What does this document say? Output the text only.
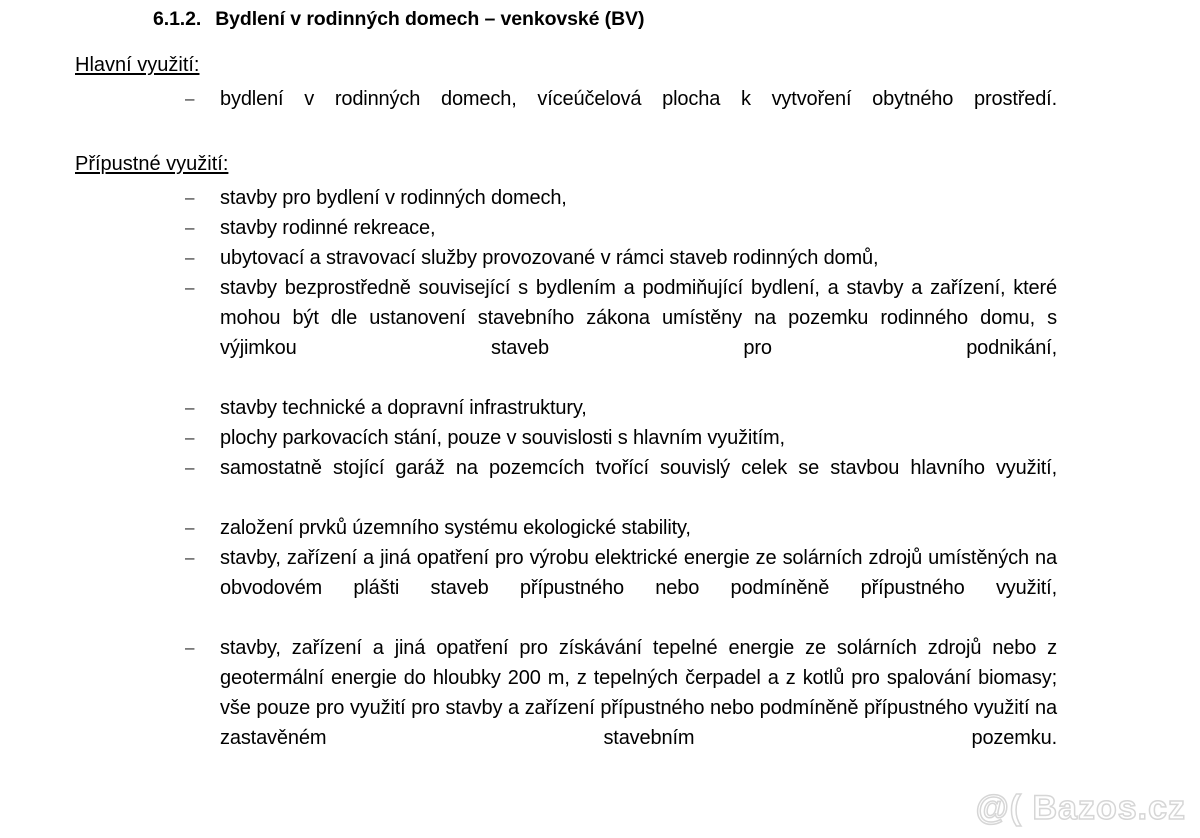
6.1.2. Bydlení v rodinných domech – venkovské (BV)
Hlavní využití:
– bydlení v rodinných domech, víceúčelová plocha k vytvoření obytného prostředí.
Přípustné využití:
– stavby pro bydlení v rodinných domech,
– stavby rodinné rekreace,
– ubytovací a stravovací služby provozované v rámci staveb rodinných domů,
– stavby bezprostředně související s bydlením a podmiňující bydlení, a stavby a zařízení, které mohou být dle ustanovení stavebního zákona umístěny na pozemku rodinného domu, s výjimkou staveb pro podnikání,
– stavby technické a dopravní infrastruktury,
– plochy parkovacích stání, pouze v souvislosti s hlavním využitím,
– samostatně stojící garáž na pozemcích tvořící souvislý celek se stavbou hlavního využití,
– založení prvků územního systému ekologické stability,
– stavby, zařízení a jiná opatření pro výrobu elektrické energie ze solárních zdrojů umístěných na obvodovém plášti staveb přípustného nebo podmíněně přípustného využití,
– stavby, zařízení a jiná opatření pro získávání tepelné energie ze solárních zdrojů nebo z geotermální energie do hloubky 200 m, z tepelných čerpadel a z kotlů pro spalování biomasy; vše pouze pro využití pro stavby a zařízení přípustného nebo podmíněně přípustného využití na zastavěném stavebním pozemku.
@( Bazos.cz
